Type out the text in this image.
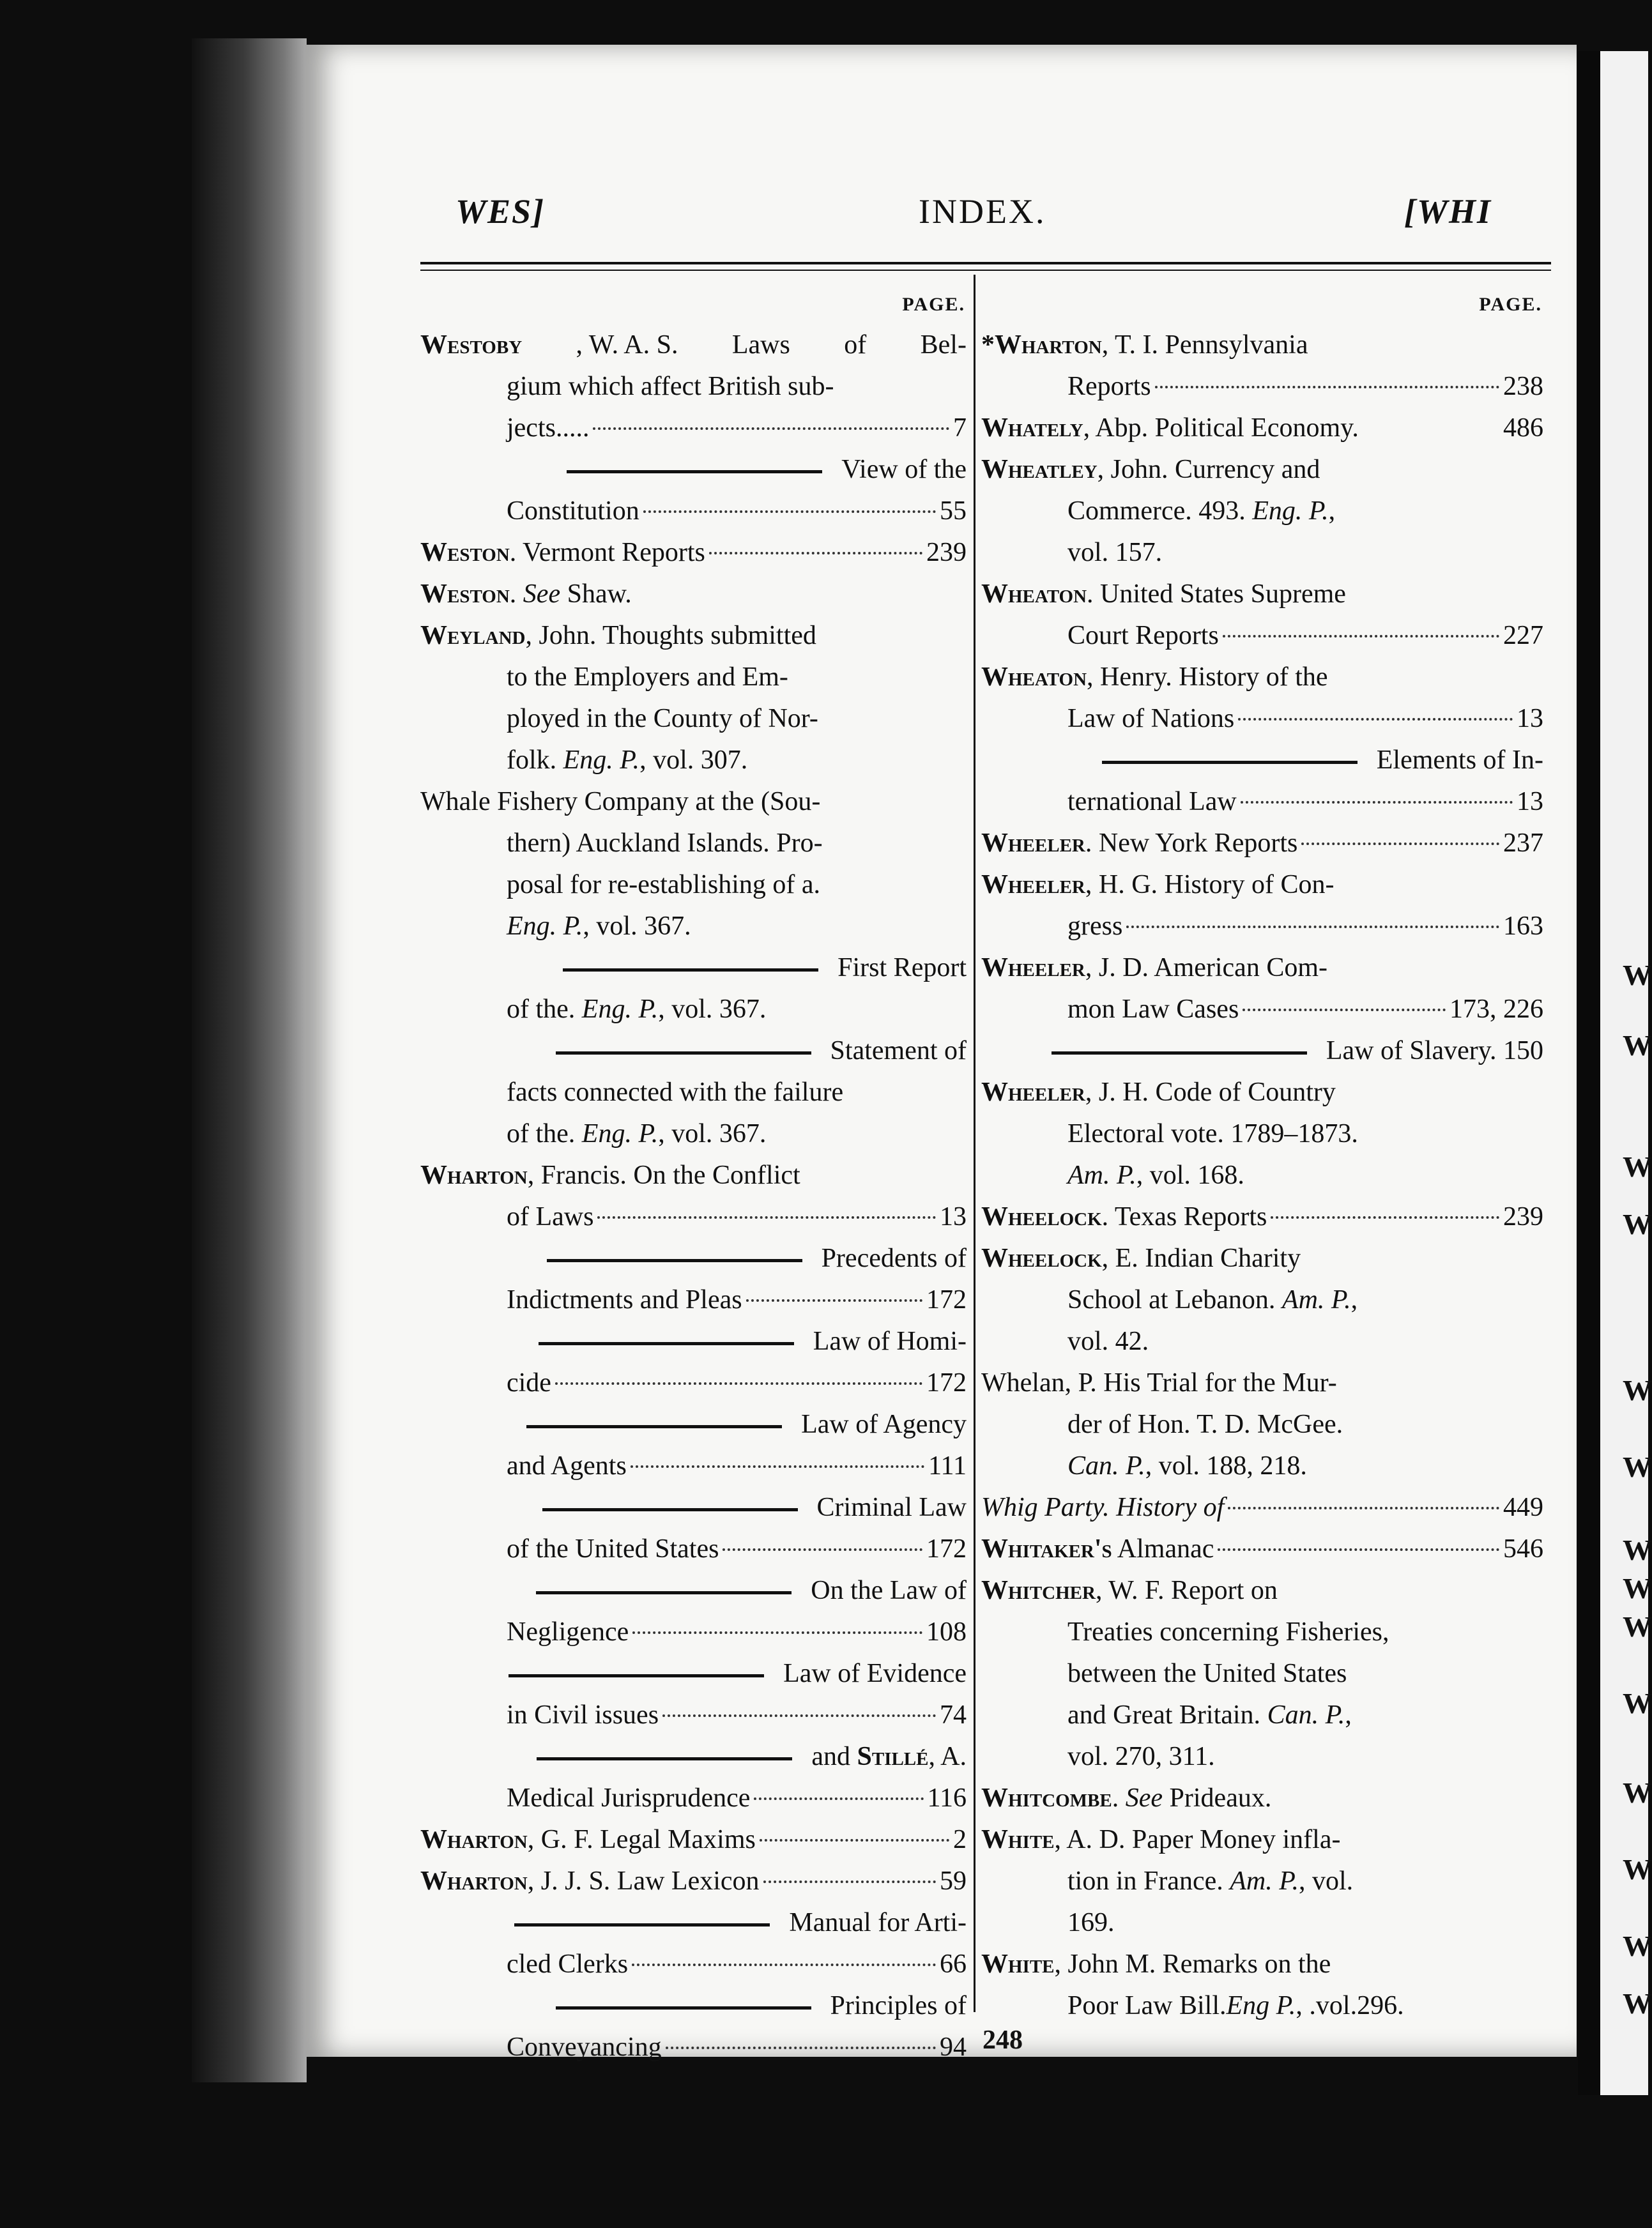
WES]	INDEX.	[WHI
PAGE.
Westoby , W. A. S. Laws of Bel-
gium which affect British sub-
jects.....	7
View of the
Constitution	55
Weston. Vermont Reports	239
Weston. See Shaw.
Weyland, John. Thoughts submitted
to the Employers and Em-
ployed in the County of Nor-
folk. Eng. P., vol. 307.
Whale Fishery Company at the (Sou-
thern) Auckland Islands. Pro-
posal for re-establishing of a.
Eng. P., vol. 367.
First Report
of the. Eng. P., vol. 367.
Statement of
facts connected with the failure
of the. Eng. P., vol. 367.
Wharton, Francis. On the Conflict
of Laws	13
Precedents of
Indictments and Pleas	172
Law of Homi-
cide	172
Law of Agency
and Agents	111
Criminal Law
of the United States	172
On the Law of
Negligence	108
Law of Evidence
in Civil issues	74
and Stillé, A.
Medical Jurisprudence	116
Wharton, G. F. Legal Maxims	2
Wharton, J. J. S. Law Lexicon	59
Manual for Arti-
cled Clerks	66
Principles of
Conveyancing	94
PAGE.
*Wharton, T. I. Pennsylvania
Reports	238
Whately, Abp. Political Economy.	486
Wheatley, John. Currency and
Commerce. 493. Eng. P.,
vol. 157.
Wheaton. United States Supreme
Court Reports	227
Wheaton, Henry. History of the
Law of Nations	13
Elements of In-
ternational Law	13
Wheeler. New York Reports	237
Wheeler, H. G. History of Con-
gress	163
Wheeler, J. D. American Com-
mon Law Cases	173, 226
Law of Slavery. 150
Wheeler, J. H. Code of Country
Electoral vote. 1789–1873.
Am. P., vol. 168.
Wheelock. Texas Reports	239
Wheelock, E. Indian Charity
School at Lebanon. Am. P.,
vol. 42.
Whelan, P. His Trial for the Mur-
der of Hon. T. D. McGee.
Can. P., vol. 188, 218.
Whig Party. History of	449
Whitaker's Almanac	546
Whitcher, W. F. Report on
Treaties concerning Fisheries,
between the United States
and Great Britain. Can. P.,
vol. 270, 311.
Whitcombe. See Prideaux.
White, A. D. Paper Money infla-
tion in France. Am. P., vol.
169.
White, John M. Remarks on the
Poor Law Bill.Eng P., .vol.296.
248
W
W
W
W
W
W
W
W
W
W
W
W
W
W
